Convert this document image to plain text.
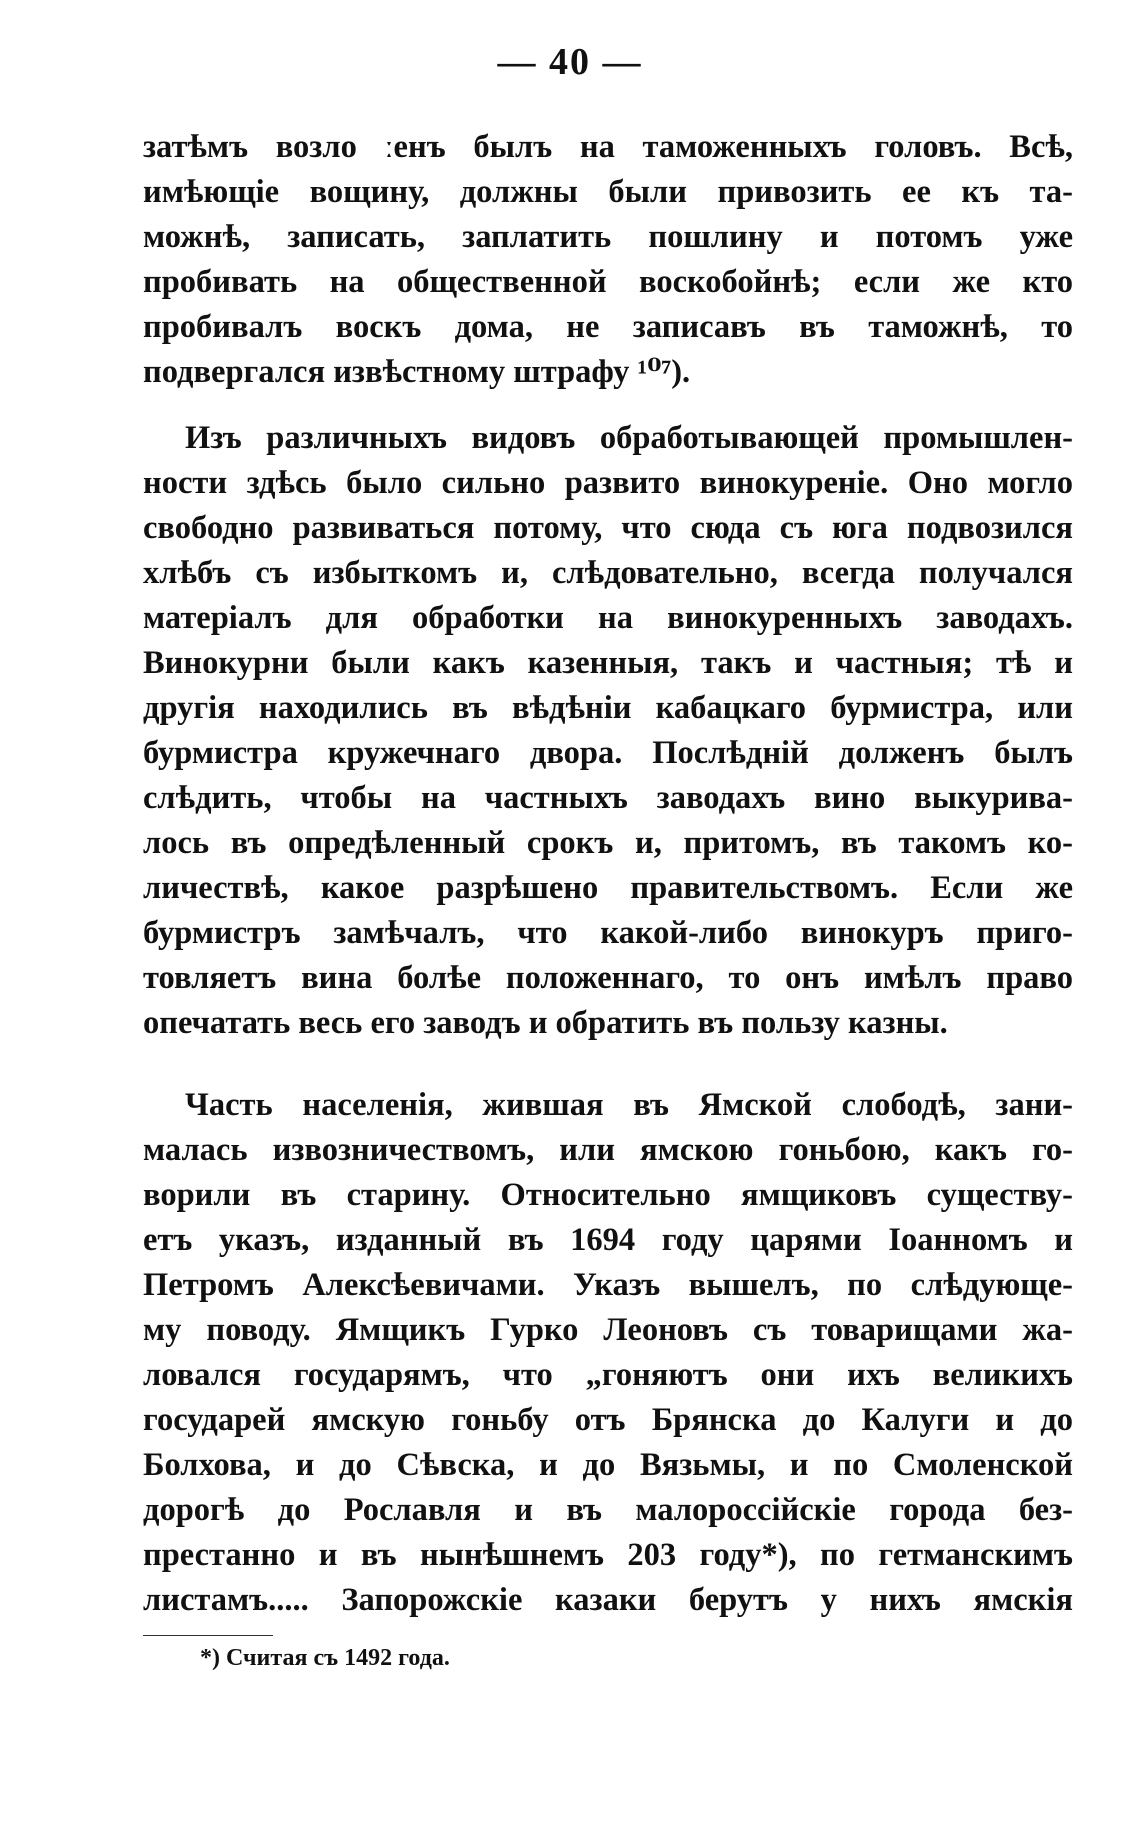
— 40 —
затѣмъ возло ːенъ былъ на таможенныхъ головъ. Всѣ,
имѣющіе вощину, должны были привозить ее къ та-
можнѣ, записать, заплатить пошлину и потомъ уже
пробивать на общественной воскобойнѣ; если же кто
пробивалъ воскъ дома, не записавъ въ таможнѣ, то
подвергался извѣстному штрафу ¹⁰⁷).
Изъ различныхъ видовъ обработывающей промышлен-
ности здѣсь было сильно развито винокуреніе. Оно могло
свободно развиваться потому, что сюда съ юга подвозился
хлѣбъ съ избыткомъ и, слѣдовательно, всегда получался
матеріалъ для обработки на винокуренныхъ заводахъ.
Винокурни были какъ казенныя, такъ и частныя; тѣ и
другія находились въ вѣдѣніи кабацкаго бурмистра, или
бурмистра кружечнаго двора. Послѣдній долженъ былъ
слѣдить, чтобы на частныхъ заводахъ вино выкурива-
лось въ опредѣленный срокъ и, притомъ, въ такомъ ко-
личествѣ, какое разрѣшено правительствомъ. Если же
бурмистръ замѣчалъ, что какой-либо винокуръ приго-
товляетъ вина болѣе положеннаго, то онъ имѣлъ право
опечатать весь его заводъ и обратить въ пользу казны.
Часть населенія, жившая въ Ямской слободѣ, зани-
малась извозничествомъ, или ямскою гоньбою, какъ го-
ворили въ старину. Относительно ямщиковъ существу-
етъ указъ, изданный въ 1694 году царями Іоанномъ и
Петромъ Алексѣевичами. Указъ вышелъ, по слѣдующе-
му поводу. Ямщикъ Гурко Леоновъ съ товарищами жа-
ловался государямъ, что „гоняютъ они ихъ великихъ
государей ямскую гоньбу отъ Брянска до Калуги и до
Болхова, и до Сѣвска, и до Вязьмы, и по Смоленской
дорогѣ до Рославля и въ малороссійскіе города без-
престанно и въ нынѣшнемъ 203 году*), по гетманскимъ
листамъ..... Запорожскіе казаки берутъ у нихъ ямскія
*) Считая съ 1492 года.
